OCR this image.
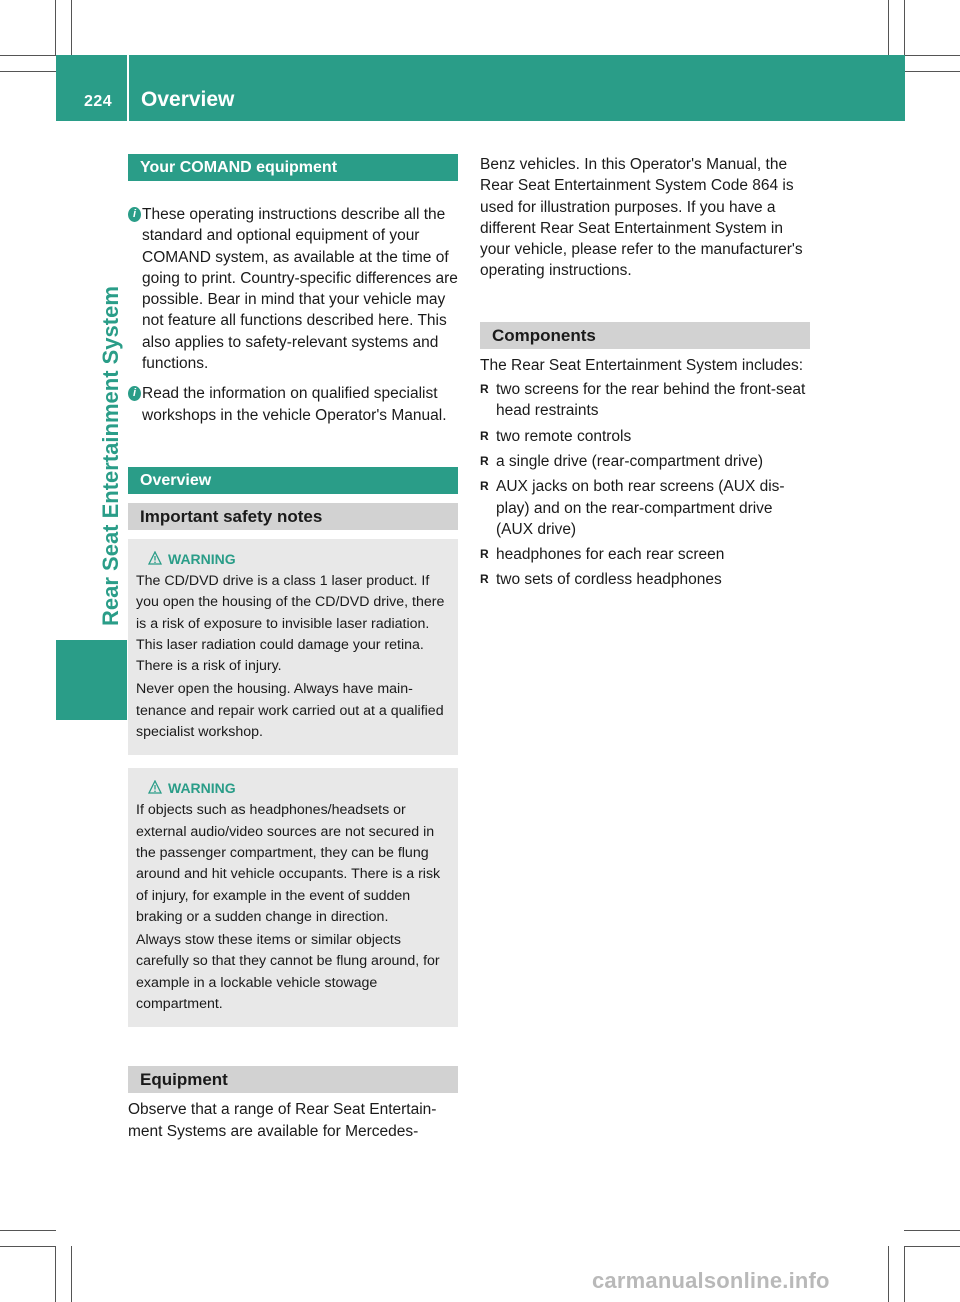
224 Overview
Rear Seat Entertainment System
Your COMAND equipment
i These operating instructions describe all the standard and optional equipment of your COMAND system, as available at the time of going to print. Country-specific differences are possible. Bear in mind that your vehicle may not feature all functions described here. This also applies to safety-relevant systems and functions.
i Read the information on qualified specialist workshops in the vehicle Operator's Manual.
Overview
Important safety notes
WARNING

The CD/DVD drive is a class 1 laser product. If you open the housing of the CD/DVD drive, there is a risk of exposure to invisible laser radiation. This laser radiation could damage your retina. There is a risk of injury.

Never open the housing. Always have maintenance and repair work carried out at a qualified specialist workshop.

WARNING

If objects such as headphones/headsets or external audio/video sources are not secured in the passenger compartment, they can be flung around and hit vehicle occupants. There is a risk of injury, for example in the event of sudden braking or a sudden change in direction.

Always stow these items or similar objects carefully so that they cannot be flung around, for example in a lockable vehicle stowage compartment.

Equipment

Observe that a range of Rear Seat Entertainment Systems are available for Mercedes-

Benz vehicles. In this Operator's Manual, the Rear Seat Entertainment System Code 864 is used for illustration purposes. If you have a different Rear Seat Entertainment System in your vehicle, please refer to the manufacturer's operating instructions.

Components

The Rear Seat Entertainment System includes:

R two screens for the rear behind the front-seat head restraints
R two remote controls
R a single drive (rear-compartment drive)
R AUX jacks on both rear screens (AUX display) and on the rear-compartment drive (AUX drive)
R headphones for each rear screen
R two sets of cordless headphones
carmanualsonline.info
